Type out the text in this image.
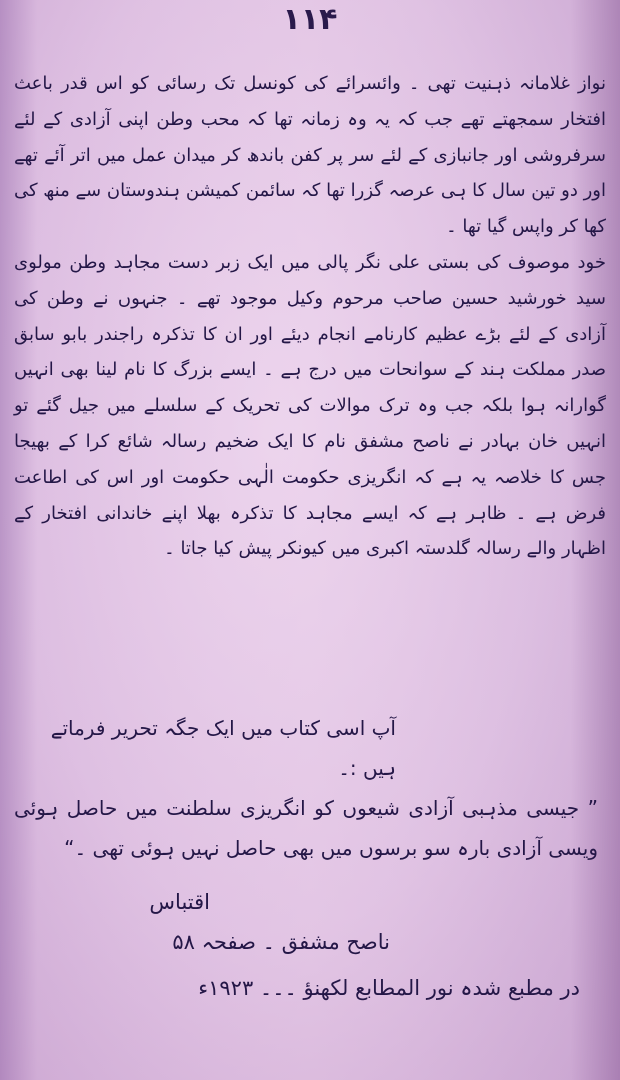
۱۱۴

نواز غلامانہ ذہنیت تھی ۔ وائسرائے کی کونسل تک رسائی کو اس قدر باعث افتخار سمجھتے تھے جب کہ یہ وہ زمانہ تھا کہ محب وطن اپنی آزادی کے لئے سرفروشی اور جانبازی کے لئے سر پر کفن باندھ کر میدان عمل میں اتر آئے تھے اور دو تین سال کا ہی عرصہ گزرا تھا کہ سائمن کمیشن ہندوستان سے منھ کی کھا کر واپس گیا تھا ۔

خود موصوف کی بستی علی نگر پالی میں ایک زبر دست مجاہد وطن مولوی سید خورشید حسین صاحب مرحوم وکیل موجود تھے ۔ جنہوں نے وطن کی آزادی کے لئے بڑے عظیم کارنامے انجام دیئے اور ان کا تذکرہ راجندر بابو سابق صدر مملکت ہند کے سوانحات میں درج ہے ۔ ایسے بزرگ کا نام لینا بھی انہیں گوارانہ ہوا بلکہ جب وہ ترک موالات کی تحریک کے سلسلے میں جیل گئے تو انہیں خان بہادر نے ناصح مشفق نام کا ایک ضخیم رسالہ شائع کرا کے بھیجا جس کا خلاصہ یہ ہے کہ انگریزی حکومت الٰہی حکومت اور اس کی اطاعت فرض ہے ۔ ظاہر ہے کہ ایسے مجاہد کا تذکرہ بھلا اپنے خاندانی افتخار کے اظہار والے رسالہ گلدستہ اکبری میں کیونکر پیش کیا جاتا ۔

آپ اسی کتاب میں ایک جگہ تحریر فرماتے ہیں :۔

” جیسی مذہبی آزادی شیعوں کو انگریزی سلطنت میں حاصل ہوئی ویسی آزادی بارہ سو برسوں میں بھی حاصل نہیں ہوئی تھی ۔“

اقتباس
ناصح مشفق ۔ صفحہ ۵۸
در مطبع شدہ نور المطابع لکھنؤ ۔۔۔ ۱۹۲۳ء
